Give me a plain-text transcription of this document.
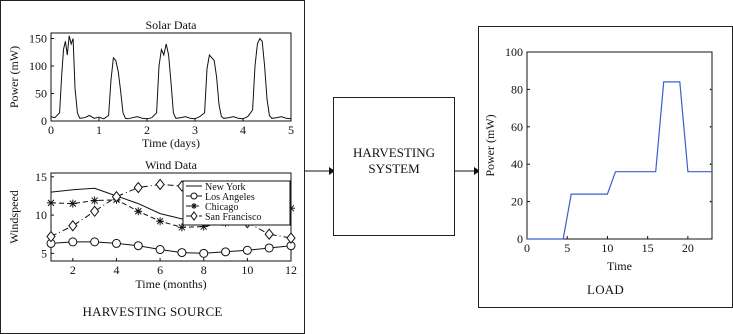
0	1	2	3	4	5
0
50
100
150
Solar Data
Time (days)
Power (mW)
2	4	6	8	10	12
5
10
15
Wind Data
Time (months)
Windspeed
New York
Los Angeles
Chicago
San Francisco
HARVESTING SOURCE
HARVESTING
SYSTEM
0	5	10 15 20
0
20
40
60
80
100
Time
Power (mW)
LOAD
